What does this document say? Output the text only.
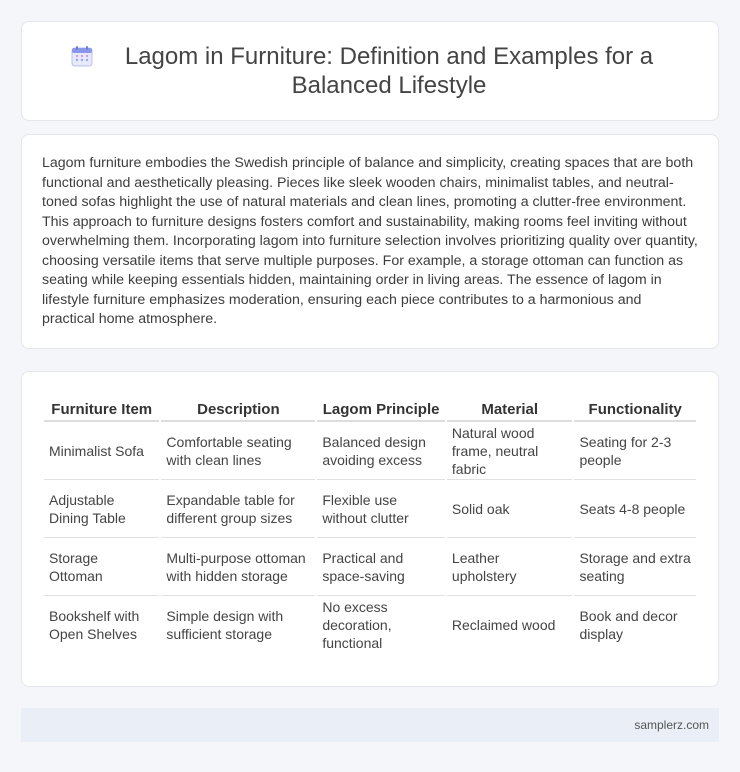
Lagom in Furniture: Definition and Examples for a Balanced Lifestyle

Lagom furniture embodies the Swedish principle of balance and simplicity, creating spaces that are both functional and aesthetically pleasing. Pieces like sleek wooden chairs, minimalist tables, and neutral-toned sofas highlight the use of natural materials and clean lines, promoting a clutter-free environment. This approach to furniture designs fosters comfort and sustainability, making rooms feel inviting without overwhelming them. Incorporating lagom into furniture selection involves prioritizing quality over quantity, choosing versatile items that serve multiple purposes. For example, a storage ottoman can function as seating while keeping essentials hidden, maintaining order in living areas. The essence of lagom in lifestyle furniture emphasizes moderation, ensuring each piece contributes to a harmonious and practical home atmosphere.

Furniture Item	Description	Lagom Principle	Material	Functionality
Minimalist Sofa	Comfortable seating with clean lines	Balanced design avoiding excess	Natural wood frame, neutral fabric	Seating for 2-3 people
Adjustable Dining Table	Expandable table for different group sizes	Flexible use without clutter	Solid oak	Seats 4-8 people
Storage Ottoman	Multi-purpose ottoman with hidden storage	Practical and space-saving	Leather upholstery	Storage and extra seating
Bookshelf with Open Shelves	Simple design with sufficient storage	No excess decoration, functional	Reclaimed wood	Book and decor display
samplerz.com
